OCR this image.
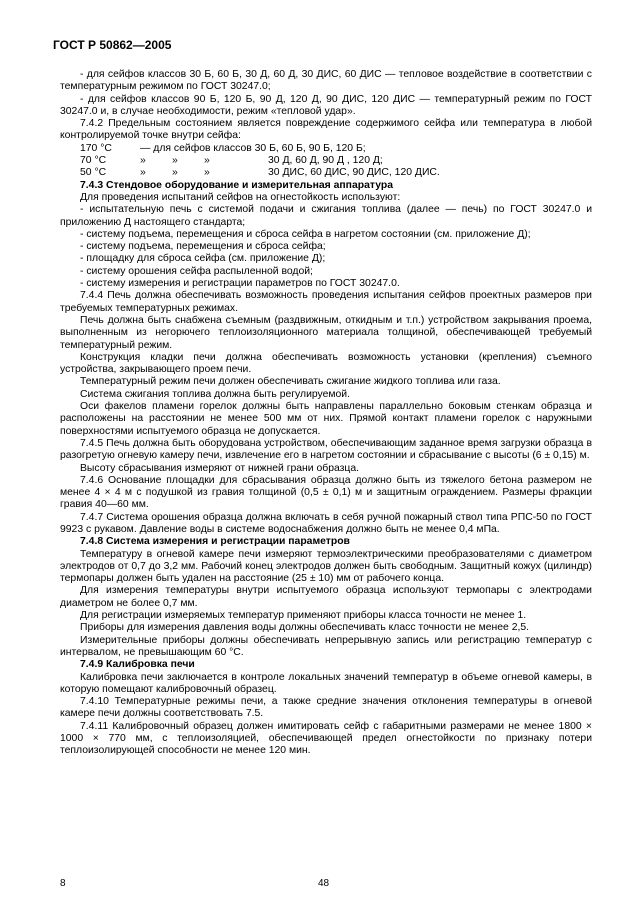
ГОСТ Р 50862—2005

- для сейфов классов 30 Б, 60 Б, 30 Д, 60 Д, 30 ДИС, 60 ДИС — тепловое воздействие в соответствии с температурным режимом по ГОСТ 30247.0;

- для сейфов классов 90 Б, 120 Б, 90 Д, 120 Д, 90 ДИС, 120 ДИС — температурный режим по ГОСТ 30247.0 и, в случае необходимости, режим «тепловой удар».

7.4.2 Предельным состоянием является повреждение содержимого сейфа или температура в любой контролируемой точке внутри сейфа:

170 °C	— для сейфов классов 30 Б, 60 Б, 90 Б, 120 Б;

70 °C	»	»	»	30 Д, 60 Д, 90 Д , 120 Д;

50 °C	»	»	»	30 ДИС, 60 ДИС, 90 ДИС, 120 ДИС.

7.4.3 Стендовое оборудование и измерительная аппаратура

Для проведения испытаний сейфов на огнестойкость используют:

- испытательную печь с системой подачи и сжигания топлива (далее — печь) по ГОСТ 30247.0 и приложению Д настоящего стандарта;

- систему подъема, перемещения и сброса сейфа в нагретом состоянии (см. приложение Д);

- систему подъема, перемещения и сброса сейфа;

- площадку для сброса сейфа (см. приложение Д);

- систему орошения сейфа распыленной водой;

- систему измерения и регистрации параметров по ГОСТ 30247.0.

7.4.4 Печь должна обеспечивать возможность проведения испытания сейфов проектных размеров при требуемых температурных режимах.

Печь должна быть снабжена съемным (раздвижным, откидным и т.п.) устройством закрывания проема, выполненным из негорючего теплоизоляционного материала толщиной, обеспечивающей требуемый температурный режим.

Конструкция кладки печи должна обеспечивать возможность установки (крепления) съемного устройства, закрывающего проем печи.

Температурный режим печи должен обеспечивать сжигание жидкого топлива или газа.

Система сжигания топлива должна быть регулируемой.

Оси факелов пламени горелок должны быть направлены параллельно боковым стенкам образца и расположены на расстоянии не менее 500 мм от них. Прямой контакт пламени горелок с наружными поверхностями испытуемого образца не допускается.

7.4.5 Печь должна быть оборудована устройством, обеспечивающим заданное время загрузки образца в разогретую огневую камеру печи, извлечение его в нагретом состоянии и сбрасывание с высоты (6 ± 0,15) м.

Высоту сбрасывания измеряют от нижней грани образца.

7.4.6 Основание площадки для сбрасывания образца должно быть из тяжелого бетона размером не менее 4 × 4 м с подушкой из гравия толщиной (0,5 ± 0,1) м и защитным ограждением. Размеры фракции гравия 40—60 мм.

7.4.7 Система орошения образца должна включать в себя ручной пожарный ствол типа РПС-50 по ГОСТ 9923 с рукавом. Давление воды в системе водоснабжения должно быть не менее 0,4 мПа.

7.4.8 Система измерения и регистрации параметров

Температуру в огневой камере печи измеряют термоэлектрическими преобразователями с диаметром электродов от 0,7 до 3,2 мм. Рабочий конец электродов должен быть свободным. Защитный кожух (цилиндр) термопары должен быть удален на расстояние (25 ± 10) мм от рабочего конца.

Для измерения температуры внутри испытуемого образца используют термопары с электродами диаметром не более 0,7 мм.

Для регистрации измеряемых температур применяют приборы класса точности не менее 1.

Приборы для измерения давления воды должны обеспечивать класс точности не менее 2,5.

Измерительные приборы должны обеспечивать непрерывную запись или регистрацию температур с интервалом, не превышающим 60 °C.

7.4.9 Калибровка печи

Калибровка печи заключается в контроле локальных значений температур в объеме огневой камеры, в которую помещают калибровочный образец.

7.4.10 Температурные режимы печи, а также средние значения отклонения температуры в огневой камере печи должны соответствовать 7.5.

7.4.11 Калибровочный образец должен имитировать сейф с габаритными размерами не менее 1800 × 1000 × 770 мм, с теплоизоляцией, обеспечивающей предел огнестойкости по признаку потери теплоизолирующей способности не менее 120 мин.

8	48
